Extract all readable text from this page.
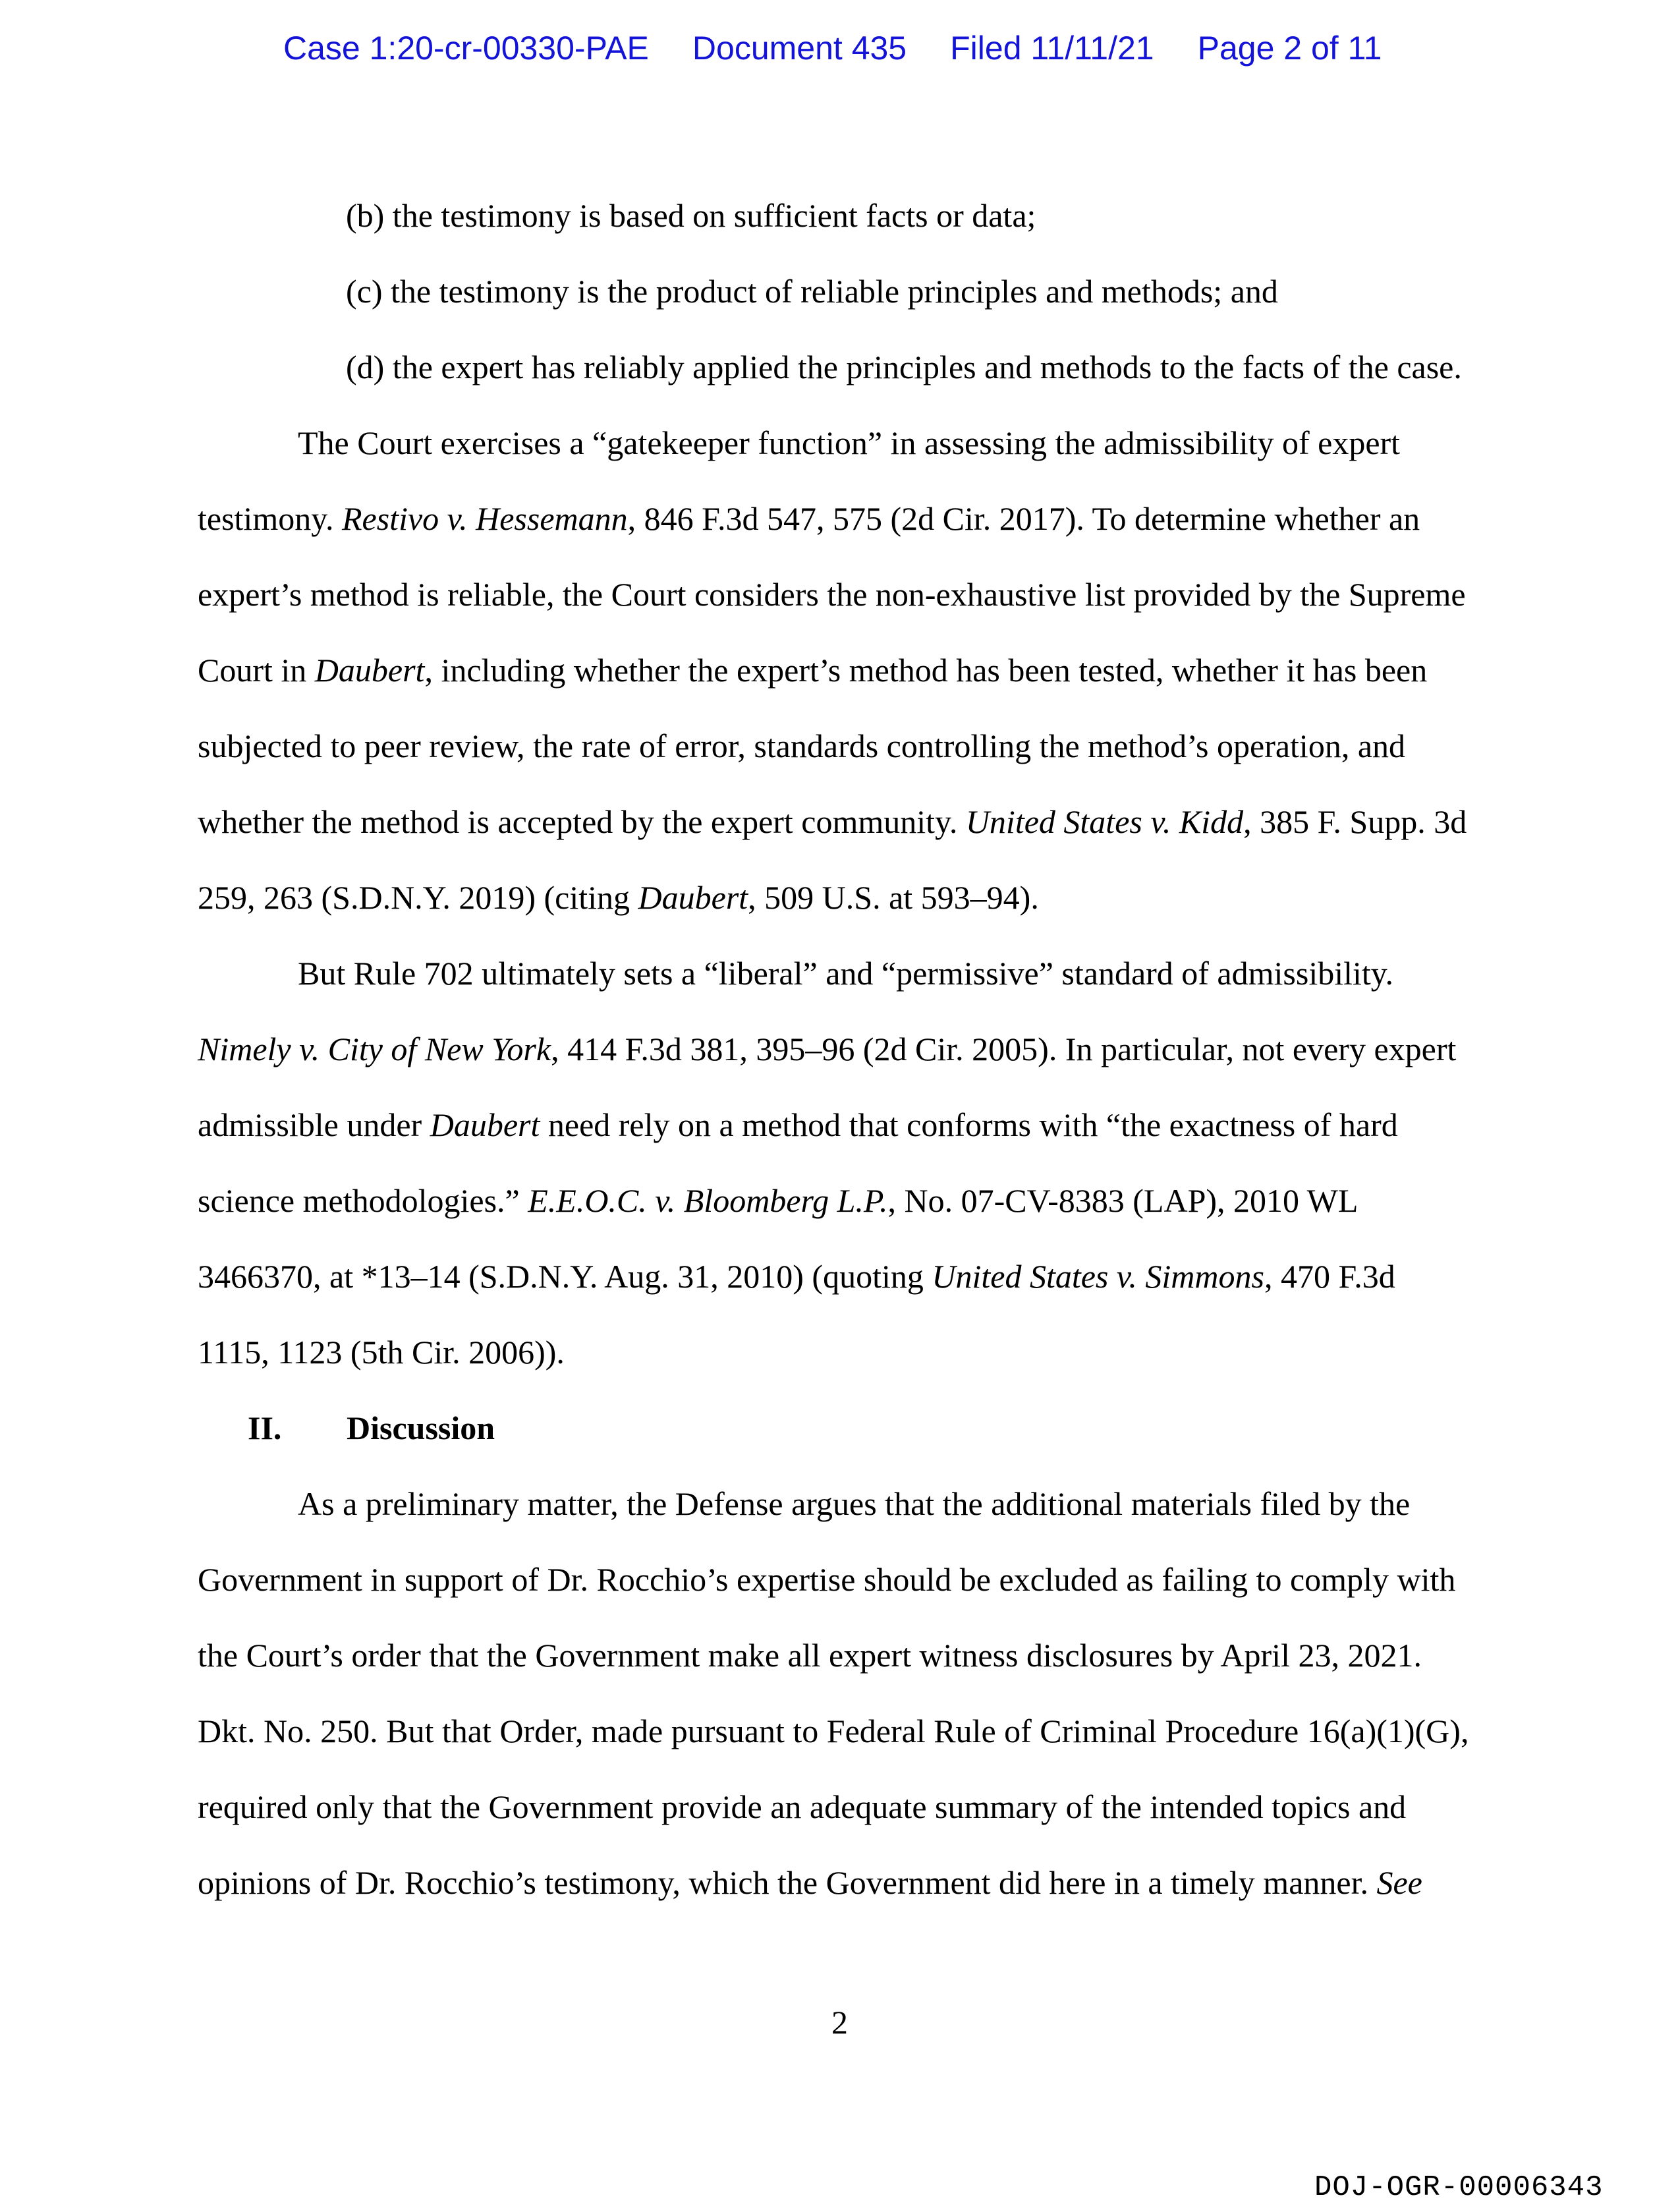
Case 1:20-cr-00330-PAE Document 435 Filed 11/11/21 Page 2 of 11
(b) the testimony is based on sufficient facts or data;
(c) the testimony is the product of reliable principles and methods; and
(d) the expert has reliably applied the principles and methods to the facts of the case.
The Court exercises a “gatekeeper function” in assessing the admissibility of expert
testimony. Restivo v. Hessemann, 846 F.3d 547, 575 (2d Cir. 2017). To determine whether an
expert’s method is reliable, the Court considers the non-exhaustive list provided by the Supreme
Court in Daubert, including whether the expert’s method has been tested, whether it has been
subjected to peer review, the rate of error, standards controlling the method’s operation, and
whether the method is accepted by the expert community. United States v. Kidd, 385 F. Supp. 3d
259, 263 (S.D.N.Y. 2019) (citing Daubert, 509 U.S. at 593–94).
But Rule 702 ultimately sets a “liberal” and “permissive” standard of admissibility.
Nimely v. City of New York, 414 F.3d 381, 395–96 (2d Cir. 2005). In particular, not every expert
admissible under Daubert need rely on a method that conforms with “the exactness of hard
science methodologies.” E.E.O.C. v. Bloomberg L.P., No. 07-CV-8383 (LAP), 2010 WL
3466370, at *13–14 (S.D.N.Y. Aug. 31, 2010) (quoting United States v. Simmons, 470 F.3d
1115, 1123 (5th Cir. 2006)).
II. Discussion
As a preliminary matter, the Defense argues that the additional materials filed by the
Government in support of Dr. Rocchio’s expertise should be excluded as failing to comply with
the Court’s order that the Government make all expert witness disclosures by April 23, 2021.
Dkt. No. 250. But that Order, made pursuant to Federal Rule of Criminal Procedure 16(a)(1)(G),
required only that the Government provide an adequate summary of the intended topics and
opinions of Dr. Rocchio’s testimony, which the Government did here in a timely manner. See
2
DOJ-OGR-00006343
